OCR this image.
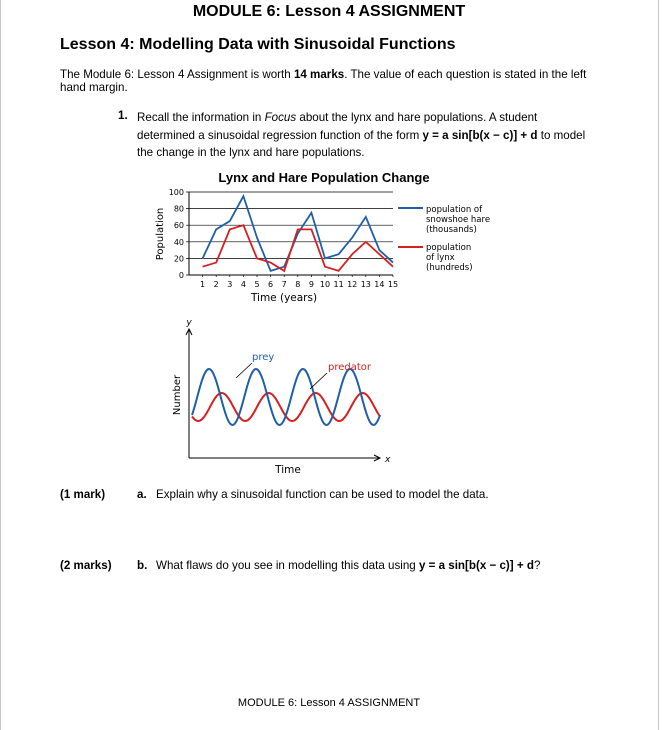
MODULE 6: Lesson 4 ASSIGNMENT
Lesson 4: Modelling Data with Sinusoidal Functions
The Module 6: Lesson 4 Assignment is worth 14 marks. The value of each question is stated in the left hand margin.
1. Recall the information in Focus about the lynx and hare populations. A student determined a sinusoidal regression function of the form y = a sin[b(x − c)] + d to model the change in the lynx and hare populations.
Lynx and Hare Population Change
0
20
40
60
80
100
1 2 3 4 5 6 7 8 9 10 11 12 13 14 15
Population
Time (years)
population of
snowshoe hare
(thousands)
population
of lynx
(hundreds)
y
x
Number
Time
prey
predator
(1 mark)	a. Explain why a sinusoidal function can be used to model the data.
(2 marks) b. What flaws do you see in modelling this data using y = a sin[b(x − c)] + d?
MODULE 6: Lesson 4 ASSIGNMENT
